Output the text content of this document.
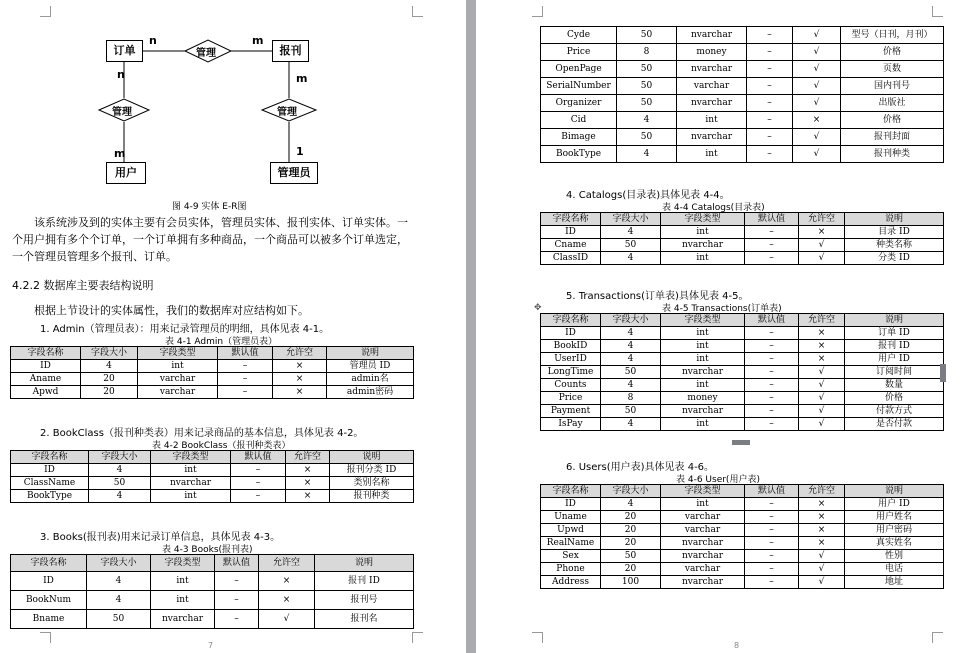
订单	报刊
用户	管理员
管理
管理	管理
n	m
n	m
m	1
图 4-9 实体 E-R图
该系统涉及到的实体主要有会员实体，管理员实体、报刊实体、订单实体。一个用户拥有多个个订单，一个订单拥有多种商品，一个商品可以被多个订单选定，一个管理员管理多个报刊、订单。
4.2.2 数据库主要表结构说明
根据上节设计的实体属性，我们的数据库对应结构如下。
1. Admin（管理员表）：用来记录管理员的明细，具体见表 4-1。
表 4-1 Admin（管理员表）
字段名称	字段大小	字段类型	默认值	允许空	说明
ID	4	int	–	×	管理员 ID
Aname	20	varchar	–	×	admin名
Apwd	20	varchar	–	×	admin密码
2. BookClass（报刊种类表）用来记录商品的基本信息，具体见表 4-2。
表 4-2 BookClass（报刊种类表）
字段名称	字段大小	字段类型	默认值	允许空	说明
ID	4	int	–	×	报刊分类 ID
ClassName	50	nvarchar	–	×	类别名称
BookType	4	int	–	×	报刊种类
3. Books(报刊表)用来记录订单信息，具体见表 4-3。
表 4-3 Books(报刊表)
字段名称	字段大小	字段类型	默认值	允许空	说明
ID	4	int	–	×	报刊 ID
BookNum	4	int	–	×	报刊号
Bname	50	nvarchar	–	√	报刊名
7
Cyde	50	nvarchar	–	√	型号（日刊，月刊）
Price	8	money	–	√	价格
OpenPage	50	nvarchar	–	√	页数
SerialNumber	50	varchar	–	√	国内刊号
Organizer	50	nvarchar	–	√	出版社
Cid	4	int	–	×	价格
Bimage	50	nvarchar	–	√	报刊封面
BookType	4	int	–	√	报刊种类
4. Catalogs(目录表)具体见表 4-4。
表 4-4 Catalogs(目录表)
字段名称	字段大小	字段类型	默认值	允许空	说明
ID	4	int	–	×	目录 ID
Cname	50	nvarchar	–	√	种类名称
ClassID	4	int	–	√	分类 ID
5. Transactions(订单表)具体见表 4-5。
✥	表 4-5 Transactions(订单表)
字段名称	字段大小	字段类型	默认值	允许空	说明
ID	4	int	–	×	订单 ID
BookID	4	int	–	×	报刊 ID
UserID	4	int	–	×	用户 ID
LongTime	50	nvarchar	–	√	订阅时间
Counts	4	int	–	√	数量
Price	8	money	–	√	价格
Payment	50	nvarchar	–	√	付款方式
IsPay	4	int	–	√	是否付款
6. Users(用户表)具体见表 4-6。
表 4-6 User(用户表)
字段名称	字段大小	字段类型	默认值	允许空	说明
ID	4	int	–	×	用户 ID
Uname	20	varchar	–	×	用户姓名
Upwd	20	varchar	–	×	用户密码
RealName	20	nvarchar	–	×	真实姓名
Sex	50	nvarchar	–	√	性别
Phone	20	varchar	–	√	电话
Address	100	nvarchar	–	√	地址
8
